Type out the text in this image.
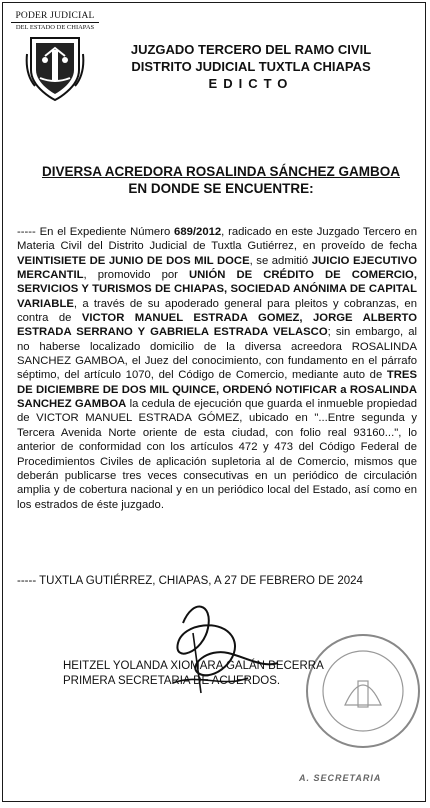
PODER JUDICIAL
DEL ESTADO DE CHIAPAS
JUZGADO TERCERO DEL RAMO CIVIL
DISTRITO JUDICIAL TUXTLA CHIAPAS
EDICTO
DIVERSA ACREDORA ROSALINDA SÁNCHEZ GAMBOA
EN DONDE SE ENCUENTRE:
----- En el Expediente Número 689/2012, radicado en este Juzgado Tercero en Materia Civil del Distrito Judicial de Tuxtla Gutiérrez, en proveído de fecha VEINTISIETE DE JUNIO DE DOS MIL DOCE, se admitió JUICIO EJECUTIVO MERCANTIL, promovido por UNIÓN DE CRÉDITO DE COMERCIO, SERVICIOS Y TURISMOS DE CHIAPAS, SOCIEDAD ANÓNIMA DE CAPITAL VARIABLE, a través de su apoderado general para pleitos y cobranzas, en contra de VICTOR MANUEL ESTRADA GOMEZ, JORGE ALBERTO ESTRADA SERRANO Y GABRIELA ESTRADA VELASCO; sin embargo, al no haberse localizado domicilio de la diversa acreedora ROSALINDA SANCHEZ GAMBOA, el Juez del conocimiento, con fundamento en el párrafo séptimo, del artículo 1070, del Código de Comercio, mediante auto de TRES DE DICIEMBRE DE DOS MIL QUINCE, ORDENÓ NOTIFICAR a ROSALINDA SANCHEZ GAMBOA la cedula de ejecución que guarda el inmueble propiedad de VICTOR MANUEL ESTRADA GÓMEZ, ubicado en "...Entre segunda y Tercera Avenida Norte oriente de esta ciudad, con folio real 93160...", lo anterior de conformidad con los artículos 472 y 473 del Código Federal de Procedimientos Civiles de aplicación supletoria al de Comercio, mismos que deberán publicarse tres veces consecutivas en un periódico de circulación amplia y de cobertura nacional y en un periódico local del Estado, así como en los estrados de éste juzgado.
----- TUXTLA GUTIÉRREZ, CHIAPAS, A 27 DE FEBRERO DE 2024
HEITZEL YOLANDA XIOMARA GALÁN BECERRA
PRIMERA SECRETARIA DE ACUERDOS.
A. SECRETARIA
